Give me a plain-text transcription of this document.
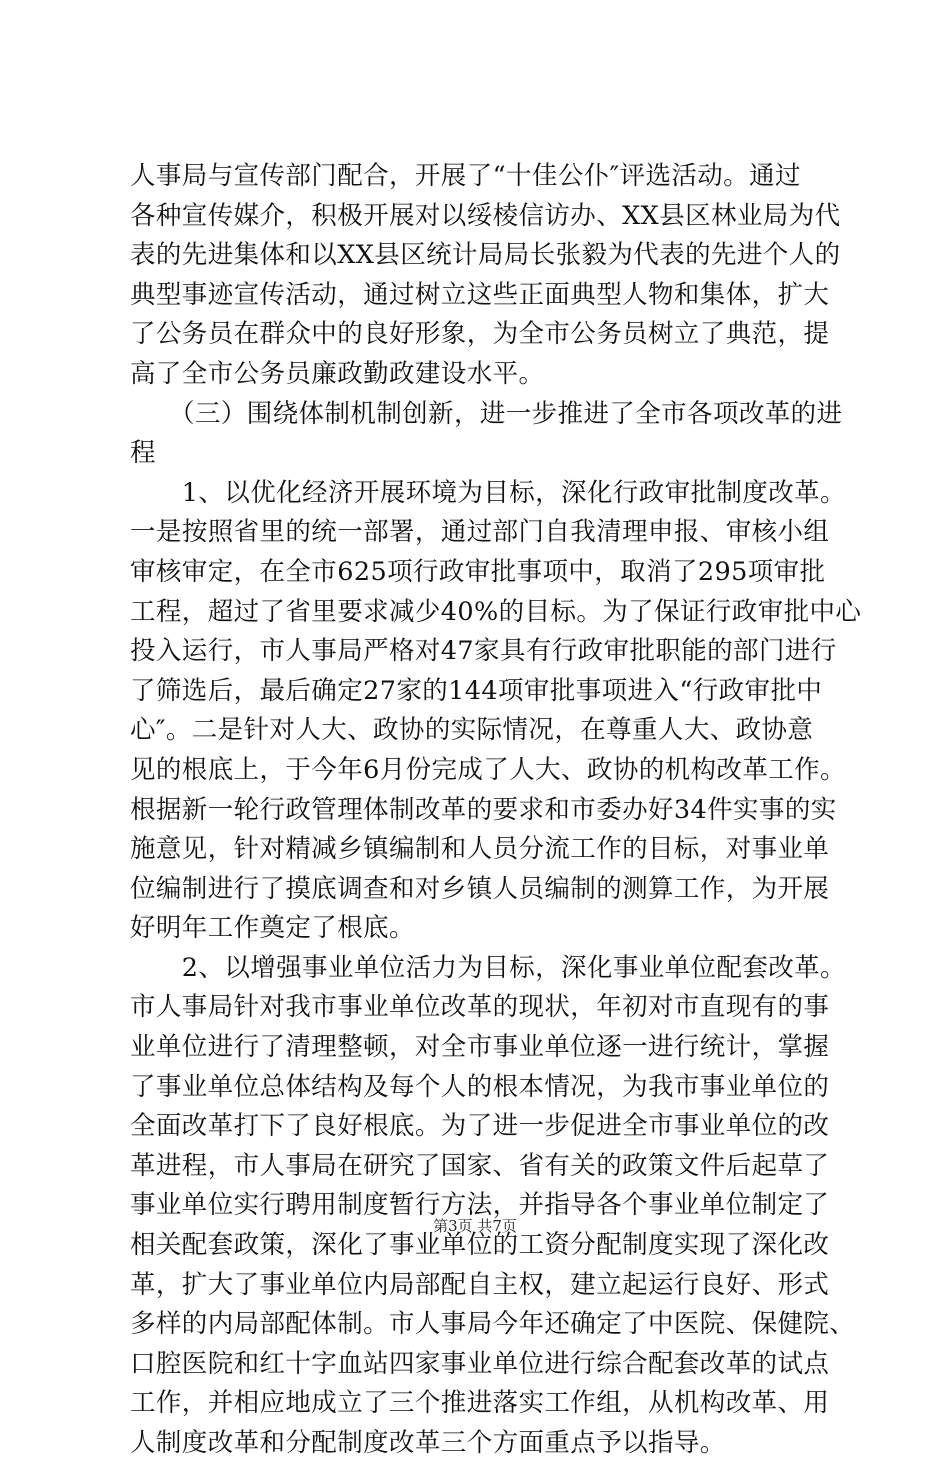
人事局与宣传部门配合，开展了“十佳公仆″评选活动。通过
各种宣传媒介，积极开展对以绥棱信访办、XX县区林业局为代
表的先进集体和以XX县区统计局局长张毅为代表的先进个人的
典型事迹宣传活动，通过树立这些正面典型人物和集体，扩大
了公务员在群众中的良好形象，为全市公务员树立了典范，提
高了全市公务员廉政勤政建设水平。
　　（三）围绕体制机制创新，进一步推进了全市各项改革的进
程
　　1、以优化经济开展环境为目标，深化行政审批制度改革。
一是按照省里的统一部署，通过部门自我清理申报、审核小组
审核审定，在全市625项行政审批事项中，取消了295项审批
工程，超过了省里要求减少40%的目标。为了保证行政审批中心
投入运行，市人事局严格对47家具有行政审批职能的部门进行
了筛选后，最后确定27家的144项审批事项进入“行政审批中
心″。二是针对人大、政协的实际情况，在尊重人大、政协意
见的根底上，于今年6月份完成了人大、政协的机构改革工作。
根据新一轮行政管理体制改革的要求和市委办好34件实事的实
施意见，针对精减乡镇编制和人员分流工作的目标，对事业单
位编制进行了摸底调查和对乡镇人员编制的测算工作，为开展
好明年工作奠定了根底。
　　2、以增强事业单位活力为目标，深化事业单位配套改革。
市人事局针对我市事业单位改革的现状，年初对市直现有的事
业单位进行了清理整顿，对全市事业单位逐一进行统计，掌握
了事业单位总体结构及每个人的根本情况，为我市事业单位的
全面改革打下了良好根底。为了进一步促进全市事业单位的改
革进程，市人事局在研究了国家、省有关的政策文件后起草了
事业单位实行聘用制度暂行方法，并指导各个事业单位制定了
相关配套政策，深化了事业单位的工资分配制度实现了深化改
革，扩大了事业单位内局部配自主权，建立起运行良好、形式
多样的内局部配体制。市人事局今年还确定了中医院、保健院、
口腔医院和红十字血站四家事业单位进行综合配套改革的试点
工作，并相应地成立了三个推进落实工作组，从机构改革、用
人制度改革和分配制度改革三个方面重点予以指导。
第3页 共7页
